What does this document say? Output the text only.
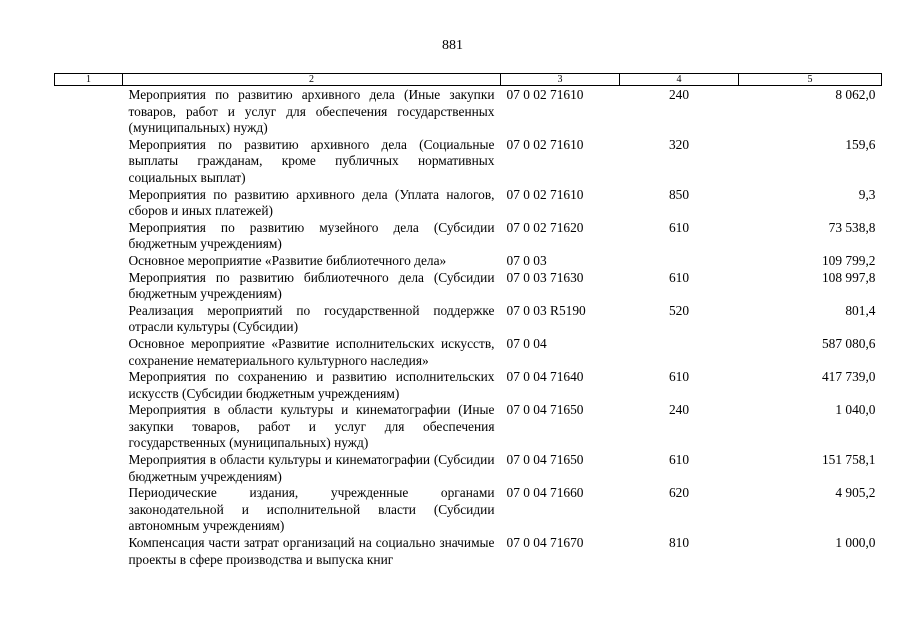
881
1	2	3	4	5
	Мероприятия по развитию архивного дела (Иные закупки товаров, работ и услуг для обеспечения государственных (муниципальных) нужд)	07 0 02 71610	240	8 062,0
	Мероприятия по развитию архивного дела (Социальные выплаты гражданам, кроме публичных нормативных социальных выплат)	07 0 02 71610	320	159,6
	Мероприятия по развитию архивного дела (Уплата налогов, сборов и иных платежей)	07 0 02 71610	850	9,3
	Мероприятия по развитию музейного дела (Субсидии бюджетным учреждениям)	07 0 02 71620	610	73 538,8
	Основное мероприятие «Развитие библиотечного дела»	07 0 03		109 799,2
	Мероприятия по развитию библиотечного дела (Субсидии бюджетным учреждениям)	07 0 03 71630	610	108 997,8
	Реализация мероприятий по государственной поддержке отрасли культуры (Субсидии)	07 0 03 R5190	520	801,4
	Основное мероприятие «Развитие исполнительских искусств, сохранение нематериального культурного наследия»	07 0 04		587 080,6
	Мероприятия по сохранению и развитию исполнительских искусств (Субсидии бюджетным учреждениям)	07 0 04 71640	610	417 739,0
	Мероприятия в области культуры и кинематографии (Иные закупки товаров, работ и услуг для обеспечения государственных (муниципальных) нужд)	07 0 04 71650	240	1 040,0
	Мероприятия в области культуры и кинематографии (Субсидии бюджетным учреждениям)	07 0 04 71650	610	151 758,1
	Периодические издания, учрежденные органами законодательной и исполнительной власти (Субсидии автономным учреждениям)	07 0 04 71660	620	4 905,2
	Компенсация части затрат организаций на социально значимые проекты в сфере производства и выпуска книг	07 0 04 71670	810	1 000,0
